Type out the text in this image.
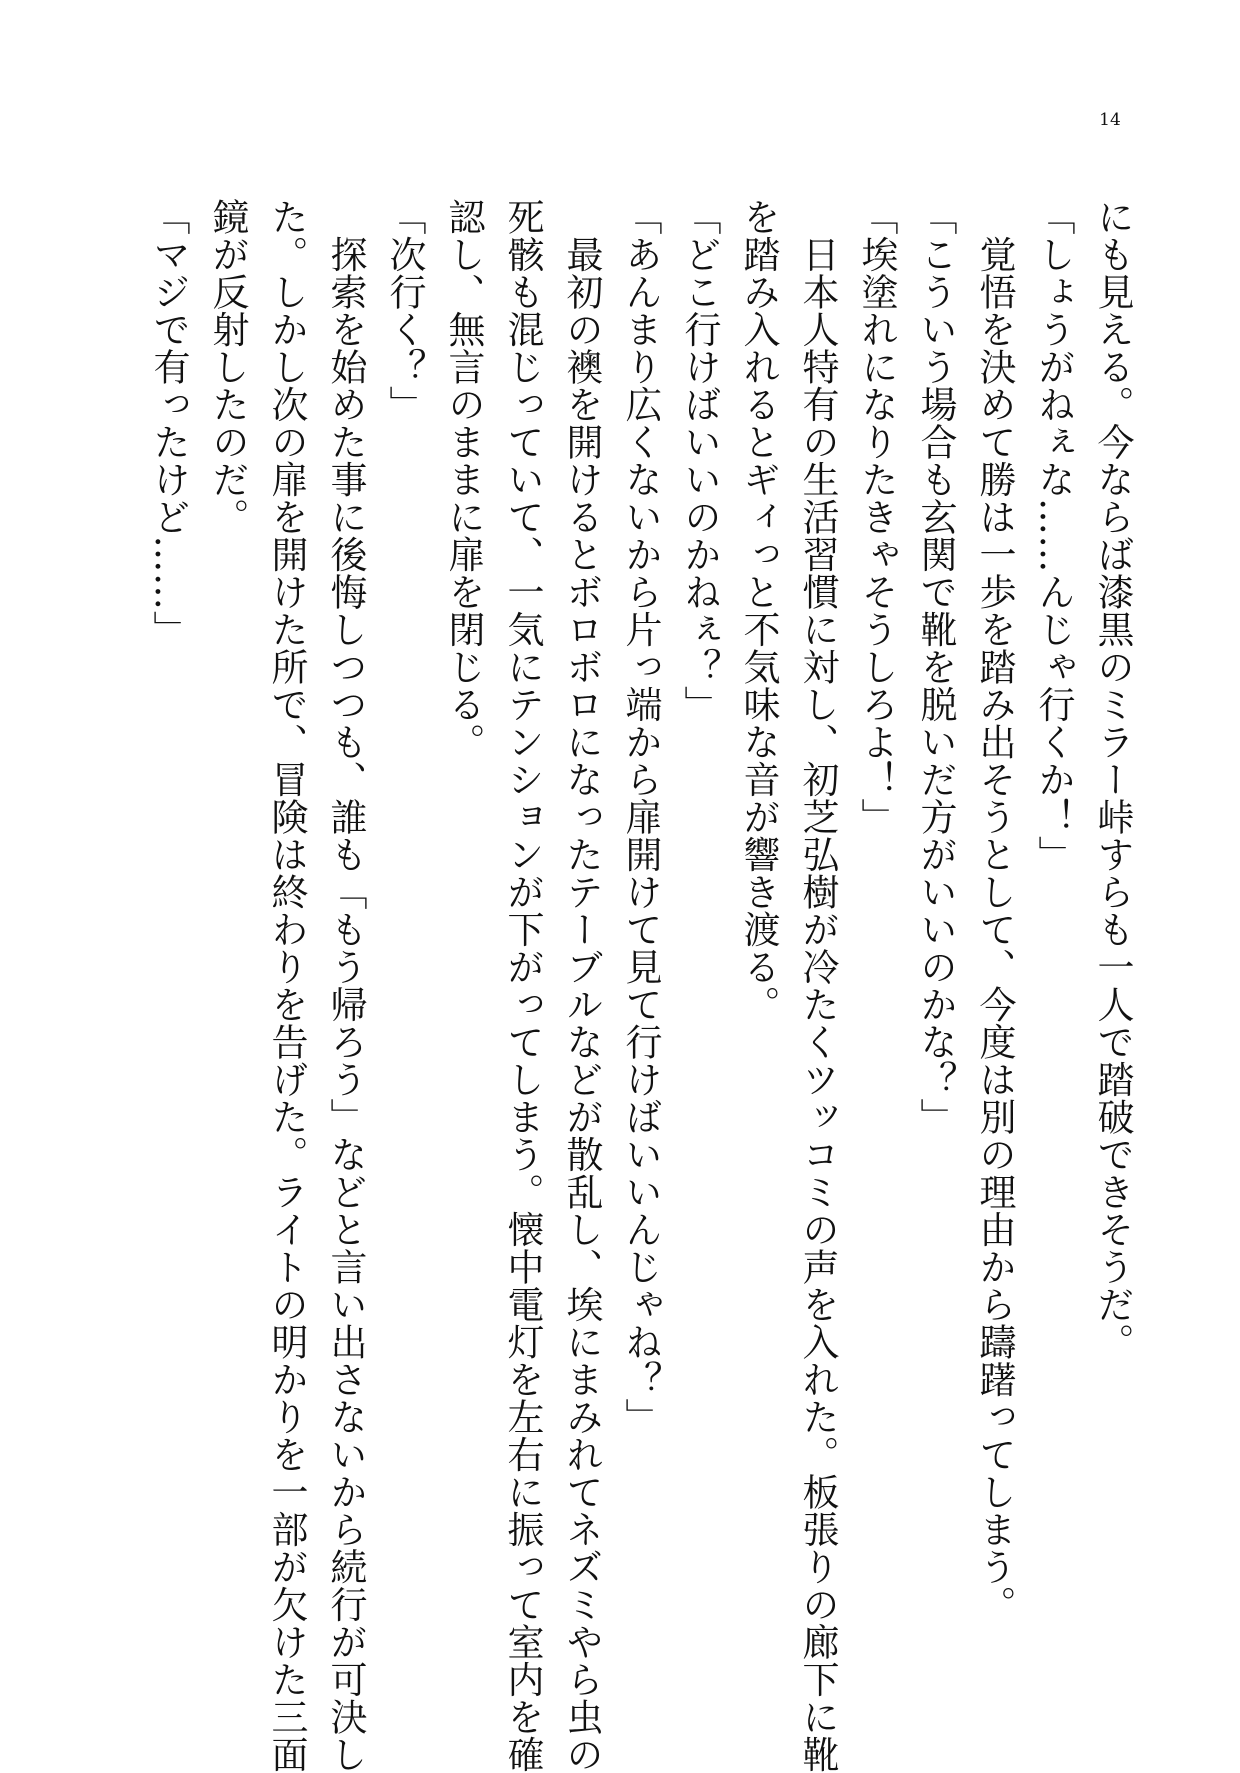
14
にも見える。今ならば漆黒のミラー峠すらも一人で踏破できそうだ。
「しょうがねぇな……んじゃ行くか！」
　覚悟を決めて勝は一歩を踏み出そうとして、今度は別の理由から躊躇ってしまう。
「こういう場合も玄関で靴を脱いだ方がいいのかな？」
「埃塗れになりたきゃそうしろよ！」
　日本人特有の生活習慣に対し、初芝弘樹が冷たくツッコミの声を入れた。板張りの廊下に靴
を踏み入れるとギィっと不気味な音が響き渡る。
「どこ行けばいいのかねぇ？」
「あんまり広くないから片っ端から扉開けて見て行けばいいんじゃね？」
　最初の襖を開けるとボロボロになったテーブルなどが散乱し、埃にまみれてネズミやら虫の
死骸も混じっていて、一気にテンションが下がってしまう。懐中電灯を左右に振って室内を確
認し、無言のままに扉を閉じる。
「次行く？」
　探索を始めた事に後悔しつつも、誰も「もう帰ろう」などと言い出さないから続行が可決し
た。しかし次の扉を開けた所で、冒険は終わりを告げた。ライトの明かりを一部が欠けた三面
鏡が反射したのだ。
「マジで有ったけど……」
